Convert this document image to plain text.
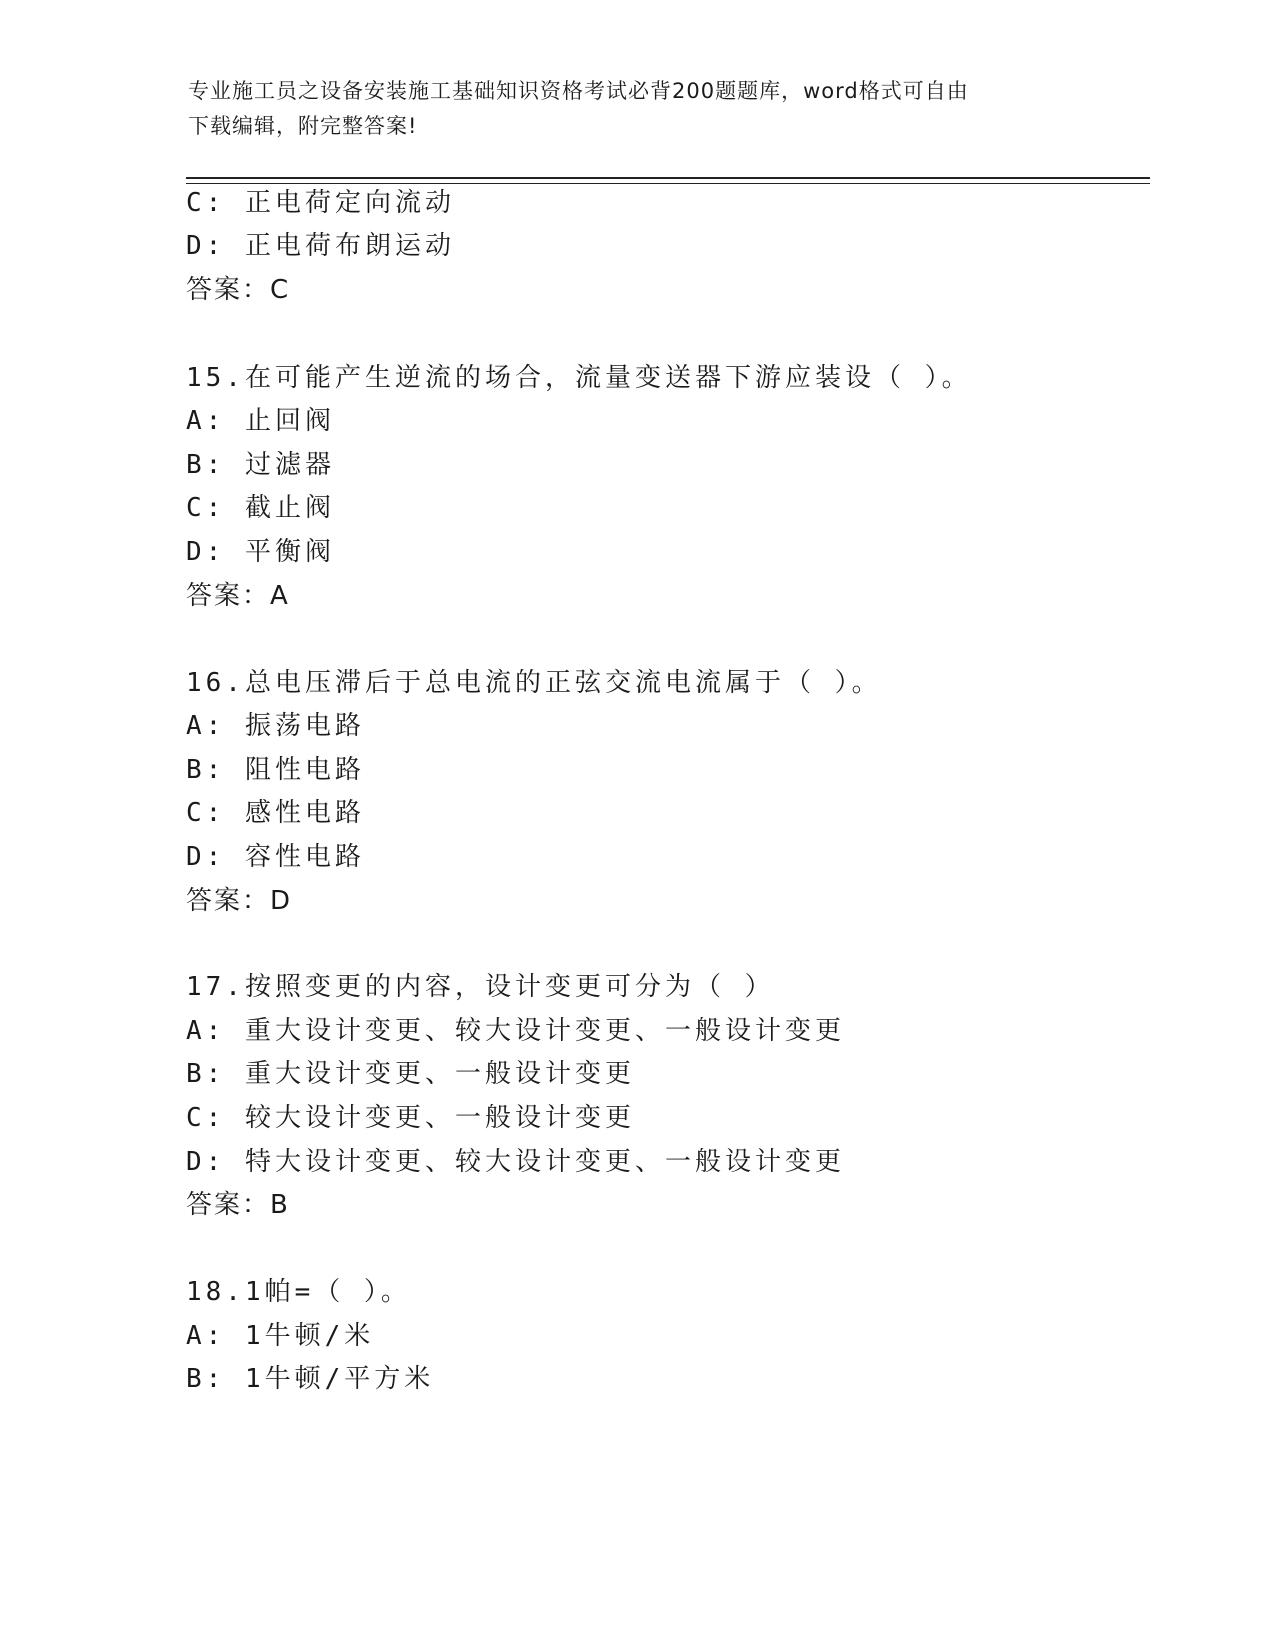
专业施工员之设备安装施工基础知识资格考试必背200题题库，word格式可自由
下载编辑，附完整答案!
C: 正电荷定向流动
D: 正电荷布朗运动
答案：C
15.在可能产生逆流的场合，流量变送器下游应装设（ ）。
A: 止回阀
B: 过滤器
C: 截止阀
D: 平衡阀
答案：A
16.总电压滞后于总电流的正弦交流电流属于（ ）。
A: 振荡电路
B: 阻性电路
C: 感性电路
D: 容性电路
答案：D
17.按照变更的内容，设计变更可分为（ ）
A: 重大设计变更、较大设计变更、一般设计变更
B: 重大设计变更、一般设计变更
C: 较大设计变更、一般设计变更
D: 特大设计变更、较大设计变更、一般设计变更
答案：B
18.1帕=（ ）。
A: 1牛顿/米
B: 1牛顿/平方米
